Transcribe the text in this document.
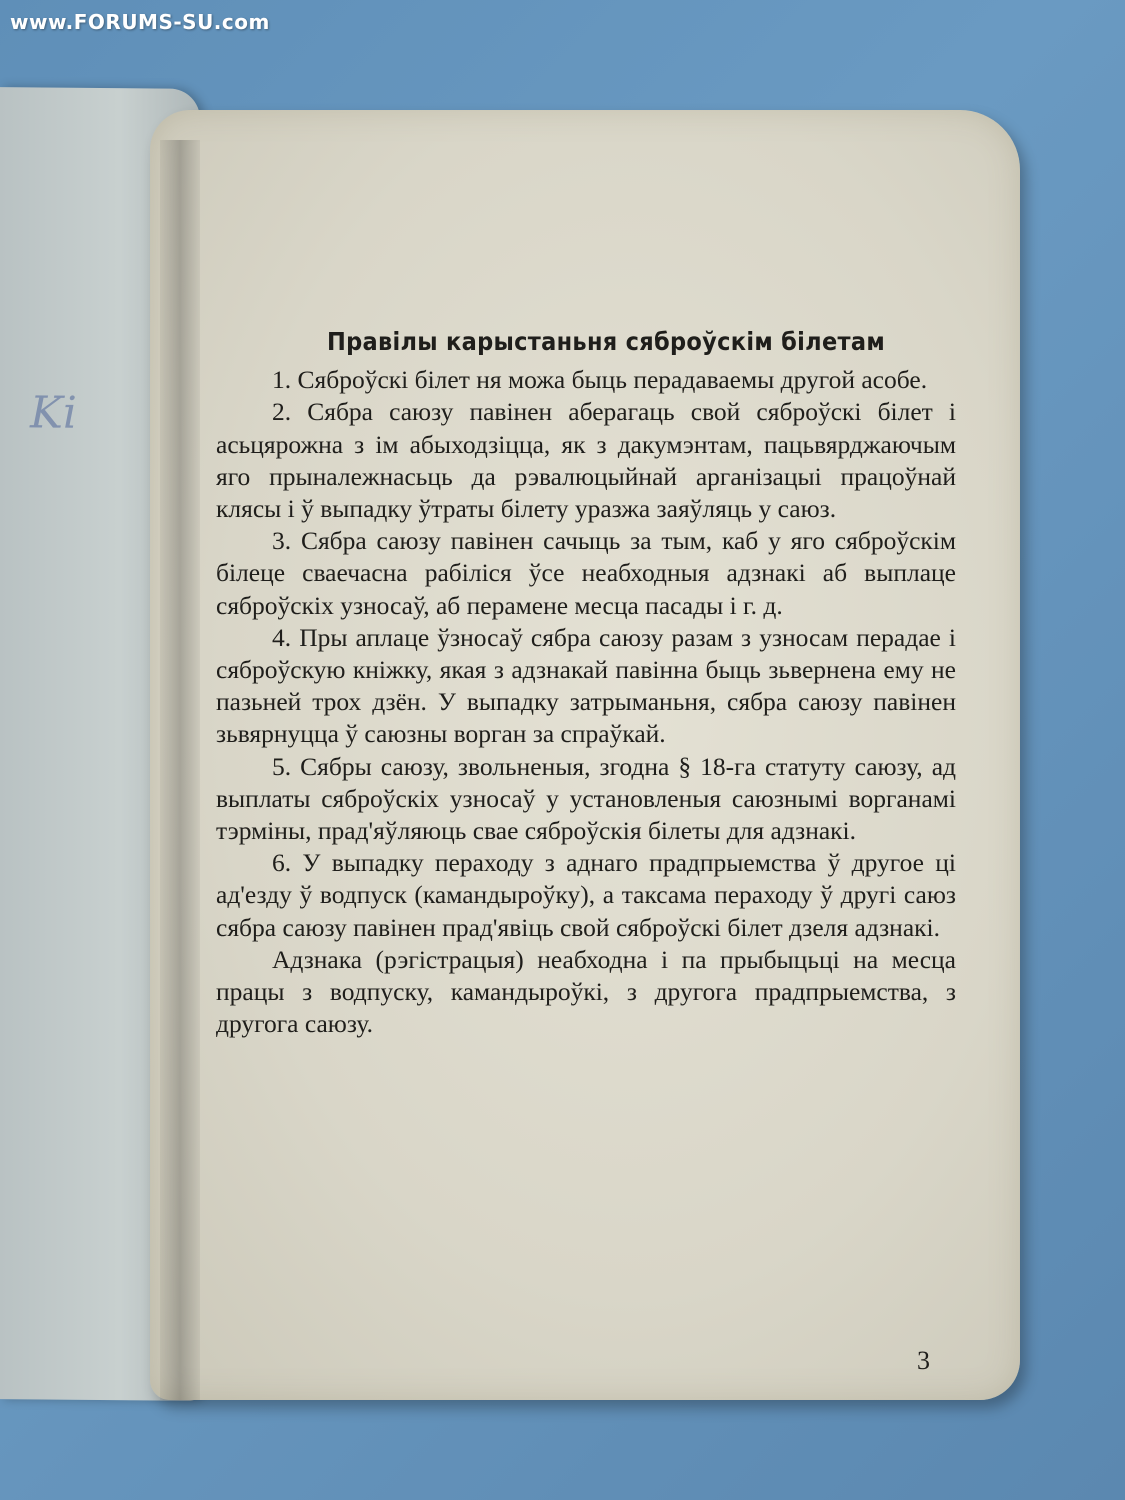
www.FORUMS-SU.com
Ki
Правілы карыстаньня сяброўскім білетам

1. Сяброўскі білет ня можа быць перадаваемы другой асобе.

2. Сябра саюзу павінен аберагаць свой сяброўскі білет і асьцярожна з ім абыходзіцца, як з дакумэнтам, пацьвярджаючым яго прыналежнасьць да рэвалюцыйнай арганізацыі працоўнай клясы і ў выпадку ўтраты білету уразжа заяўляць у саюз.

3. Сябра саюзу павінен сачыць за тым, каб у яго сяброўскім білеце сваечасна рабіліся ўсе неабходныя адзнакі аб выплаце сяброўскіх узносаў, аб перамене месца пасады і г. д.

4. Пры аплаце ўзносаў сябра саюзу разам з узносам перадае і сяброўскую кніжку, якая з адзнакай павінна быць зьвернена ему не пазьней трох дзён. У выпадку затрыманьня, сябра саюзу павінен зьвярнуцца ў саюзны ворган за спраўкай.

5. Сябры саюзу, звольненыя, згодна § 18-га статуту саюзу, ад выплаты сяброўскіх узносаў у установленыя саюзнымі ворганамі тэрміны, прад'яўляюць свае сяброўскія білеты для адзнакі.

6. У выпадку пераходу з аднаго прадпрыемства ў другое ці ад'езду ў водпуск (камандыроўку), а таксама пераходу ў другі саюз сябра саюзу павінен прад'явіць свой сяброўскі білет дзеля адзнакі.

Адзнака (рэгістрацыя) неабходна і па прыбыцьці на месца працы з водпуску, камандыроўкі, з другога прадпрыемства, з другога саюзу.

3
